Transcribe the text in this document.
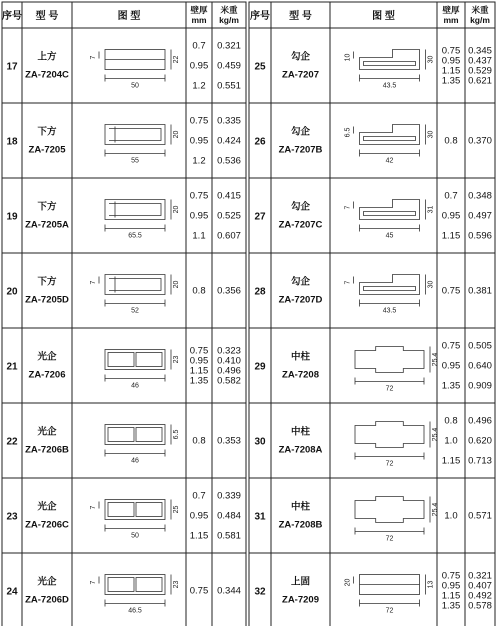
序号 型 号	图 型
壁厚
mm
米重
kg/m 序号 型 号	图 型
壁厚
mm
米重
kg/m
17
上方
ZA-7204C
0.7
0.95
1.2
0.321
0.459
0.551
50
22
7
18
下方
ZA-7205
0.75
0.95
1.2
0.335
0.424
0.536
55
20
19
下方
ZA-7205A
0.75
0.95
1.1
0.415
0.525
0.607
65.5
20
20
下方
ZA-7205D
0.8 0.356
52
20
7
21
光企
ZA-7206
0.75
0.95
1.15
1.35
0.323
0.410
0.496
0.582
46
23
22
光企
ZA-7206B
0.8 0.353
46
6.5
23
光企
ZA-7206C
0.7
0.95
1.15
0.339
0.484
0.581
50
25
7
24
光企
ZA-7206D
0.75 0.344
46.5
23
7
25
勾企
ZA-7207
0.75
0.95
1.15
1.35
0.345
0.437
0.529
0.621
43.5
30
10
26
勾企
ZA-7207B
0.8 0.370
42
30
6.5
27
勾企
ZA-7207C
0.7
0.95
1.15
0.348
0.497
0.596
45
31
7
28
勾企
ZA-7207D
0.75 0.381
43.5
30
7
29
中柱
ZA-7208
0.75
0.95
1.35
0.505
0.640
0.909
72
25.4
30
中柱
ZA-7208A
0.8
1.0
1.15
0.496
0.620
0.713
72
25.4
31
中柱
ZA-7208B
1.0 0.571
72
25.4
32
上固
ZA-7209
0.75
0.95
1.15
1.35
0.321
0.407
0.492
0.578
72
13
20
